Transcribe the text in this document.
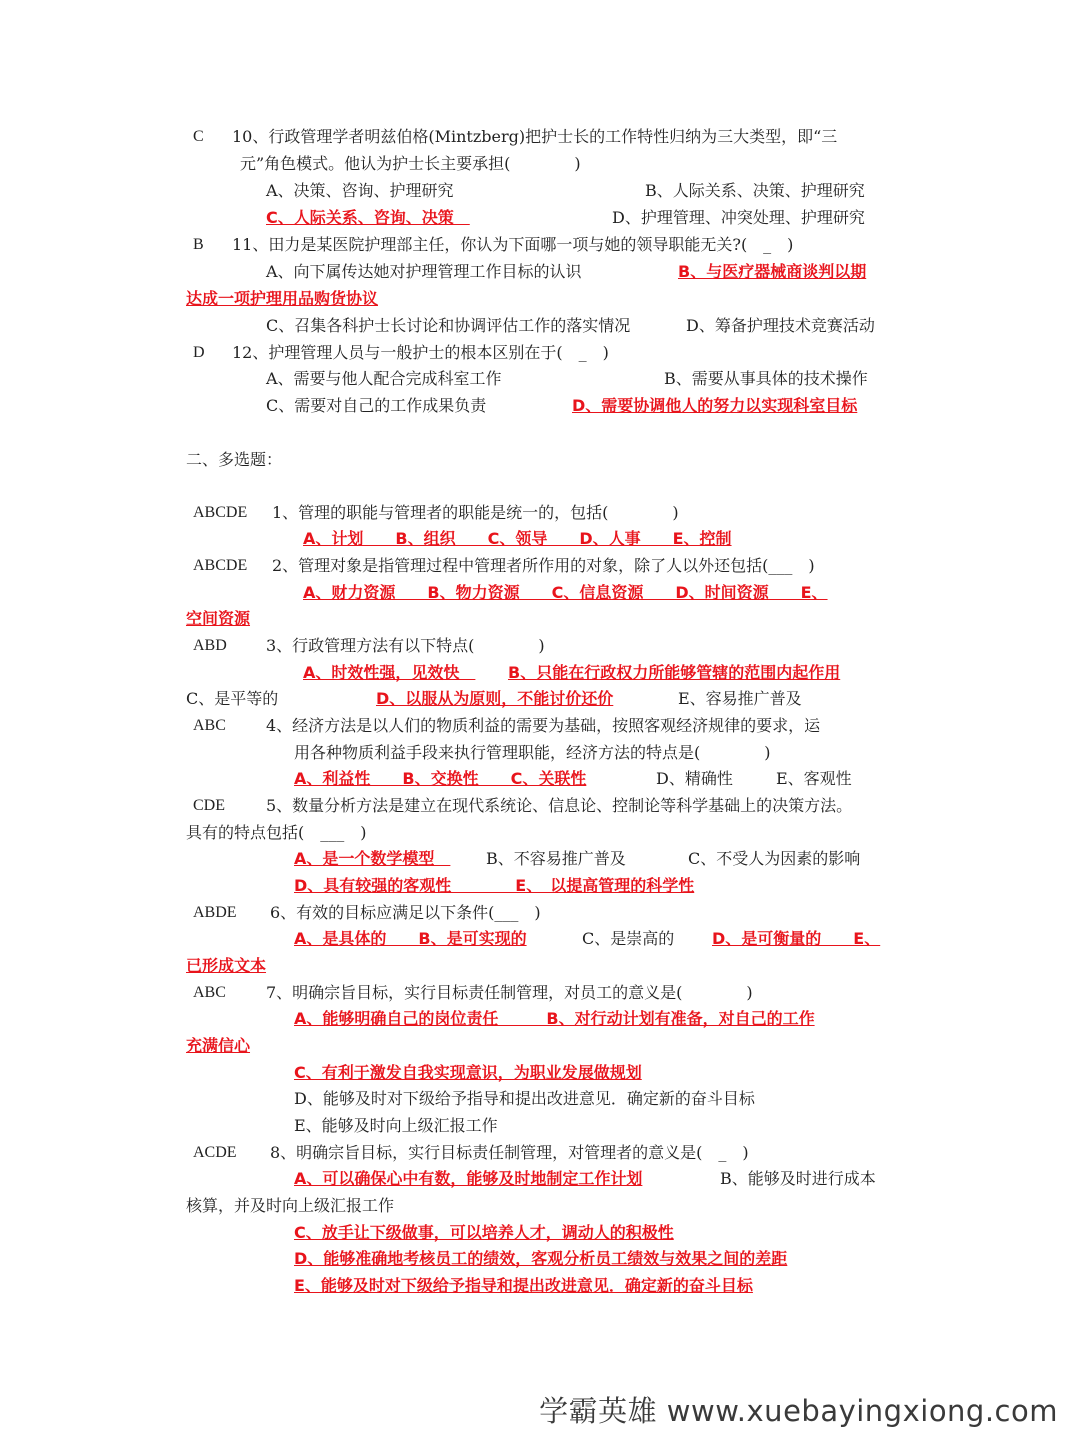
C 10、行政管理学者明兹伯格(Mintzberg)把护士长的工作特性归纳为三大类型，即“三
元”角色模式。他认为护士长主要承担(　　　　)
A、决策、咨询、护理研究	B、人际关系、决策、护理研究
C、人际关系、咨询、决策　	D、护理管理、冲突处理、护理研究
B 11、田力是某医院护理部主任，你认为下面哪一项与她的领导职能无关?(　_　)
A、向下属传达她对护理管理工作目标的认识	B、与医疗器械商谈判以期
达成一项护理用品购货协议
C、召集各科护士长讨论和协调评估工作的落实情况	D、筹备护理技术竞赛活动
D 12、护理管理人员与一般护士的根本区别在于(　_　)
A、需要与他人配合完成科室工作	B、需要从事具体的技术操作
C、需要对自己的工作成果负责	D、需要协调他人的努力以实现科室目标
二、多选题：
ABCDE 1、管理的职能与管理者的职能是统一的，包括(　　　　)
A、计划　　B、组织　　C、领导　　D、人事　　E、控制
ABCDE 2、管理对象是指管理过程中管理者所作用的对象，除了人以外还包括(___　)
A、财力资源　　B、物力资源　　C、信息资源　　D、时间资源　　E、
空间资源
ABD 3、行政管理方法有以下特点(　　　　)
A、时效性强，见效快　 B、只能在行政权力所能够管辖的范围内起作用
C、是平等的	D、以服从为原则，不能讨价还价	E、容易推广普及
ABC	4、经济方法是以人们的物质利益的需要为基础，按照客观经济规律的要求，运
用各种物质利益手段来执行管理职能，经济方法的特点是(　　　　)
A、利益性　　B、交换性　　C、关联性	D、精确性	E、客观性
CDE	5、数量分析方法是建立在现代系统论、信息论、控制论等科学基础上的决策方法。
具有的特点包括(　___　)
A、是一个数学模型　 B、不容易推广普及	C、不受人为因素的影响
D、具有较强的客观性　　　　E、　以提高管理的科学性
ABDE 6、有效的目标应满足以下条件(___　)
A、是具体的　　B、是可实现的	C、是崇高的 D、是可衡量的　　E、
已形成文本
ABC	7、明确宗旨目标，实行目标责任制管理，对员工的意义是(　　　　)
A、能够明确自己的岗位责任　　　B、对行动计划有准备，对自己的工作
充满信心
C、有利于激发自我实现意识，为职业发展做规划
D、能够及时对下级给予指导和提出改进意见．确定新的奋斗目标
E、能够及时向上级汇报工作
ACDE 8、明确宗旨目标，实行目标责任制管理，对管理者的意义是(　_　)
A、可以确保心中有数，能够及时地制定工作计划	B、能够及时进行成本
核算，并及时向上级汇报工作
C、放手让下级做事，可以培养人才，调动人的积极性
D、能够准确地考核员工的绩效，客观分析员工绩效与效果之间的差距
E、能够及时对下级给予指导和提出改进意见．确定新的奋斗目标
学霸英雄 www.xuebayingxiong.com
